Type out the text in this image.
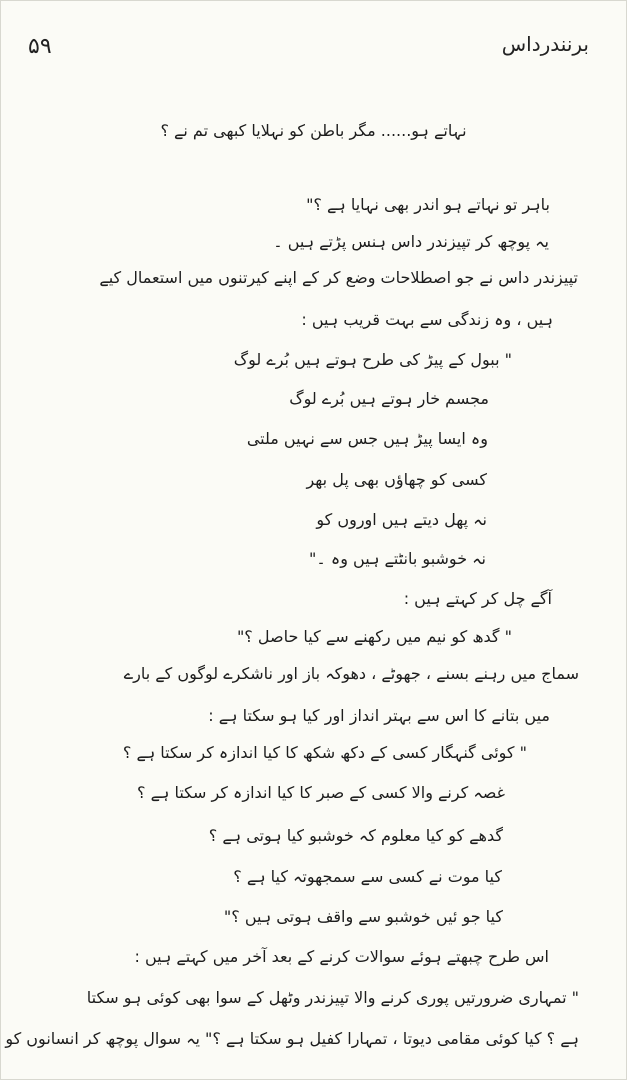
۵۹	برنندرداس
نہاتے ہو...... مگر باطن کو نہلایا کبھی تم نے ؟
باہر تو نہاتے ہو اندر بھی نہایا ہے ؟"
یہ پوچھ کر تپیزندر داس ہنس پڑتے ہیں ۔
تپیزندر داس نے جو اصطلاحات وضع کر کے اپنے کیرتنوں میں استعمال کیے
ہیں ، وہ زندگی سے بہت قریب ہیں :
" ببول کے پیڑ کی طرح ہوتے ہیں بُرے لوگ
مجسم خار ہوتے ہیں بُرے لوگ
وہ ایسا پیڑ ہیں جس سے نہیں ملتی
کسی کو چھاؤں بھی پل بھر
نہ پھل دیتے ہیں اوروں کو
نہ خوشبو بانٹتے ہیں وہ ۔"
آگے چل کر کہتے ہیں :
" گدھ کو نیم میں رکھنے سے کیا حاصل ؟"
سماج میں رہنے بسنے ، جھوٹے ، دھوکہ باز اور ناشکرے لوگوں کے بارے
میں بتانے کا اس سے بہتر انداز اور کیا ہو سکتا ہے :
" کوئی گنہگار کسی کے دکھ شکھ کا کیا اندازہ کر سکتا ہے ؟
غصہ کرنے والا کسی کے صبر کا کیا اندازہ کر سکتا ہے ؟
گدھے کو کیا معلوم کہ خوشبو کیا ہوتی ہے ؟
کیا موت نے کسی سے سمجھوتہ کیا ہے ؟
کیا جو ئیں خوشبو سے واقف ہوتی ہیں ؟"
اس طرح چبھتے ہوئے سوالات کرنے کے بعد آخر میں کہتے ہیں :
" تمہاری ضرورتیں پوری کرنے والا تپیزندر وٹھل کے سوا بھی کوئی ہو سکتا
ہے ؟ کیا کوئی مقامی دیوتا ، تمہارا کفیل ہو سکتا ہے ؟" یہ سوال پوچھ کر انسانوں کو
